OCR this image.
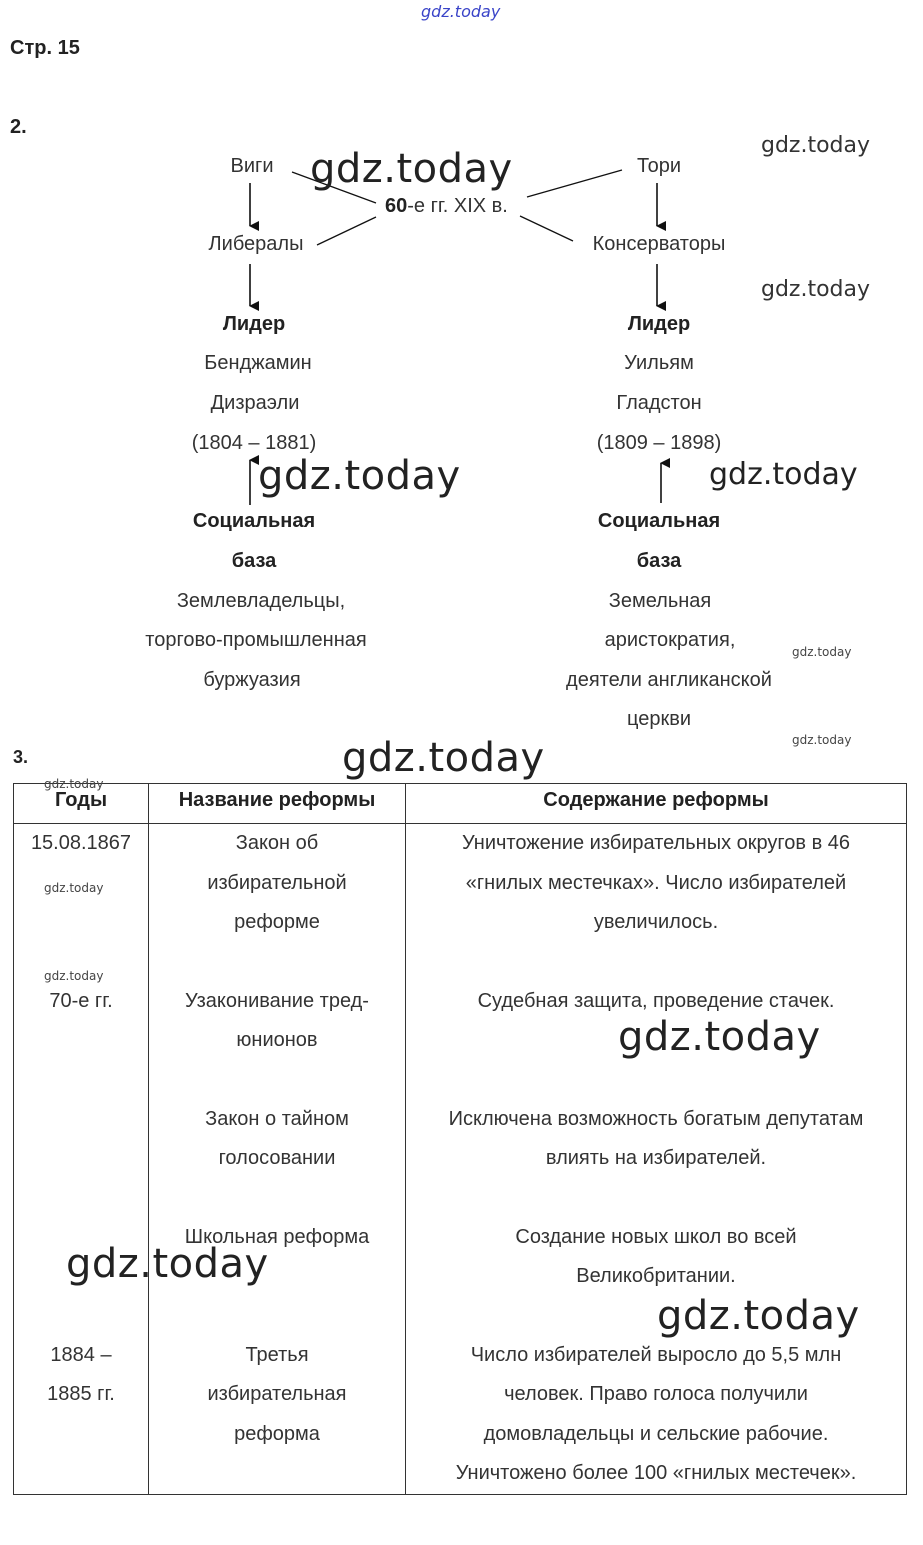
gdz.today
Стр. 15
2.
Виги
Либералы
Лидер
Бенджамин
Дизраэли
(1804 – 1881)
Социальная
база
Землевладельцы,
торгово-промышленная
буржуазия
60-е гг. XIX в.
Тори
Консерваторы
Лидер
Уильям
Гладстон
(1809 – 1898)
Социальная
база
Земельная
аристократия,
деятели англиканской
церкви
3.
Годы	Название реформы	Содержание реформы

15.08.1867	Закон об
избирательной
реформе	Уничтожение избирательных округов в 46
«гнилых местечках». Число избирателей
увеличилось.

70-е гг.	Узаконивание тред-
юнионов	Судебная защита, проведение стачек.

	Закон о тайном
голосовании	Исключена возможность богатым депутатам
влиять на избирателей.

	Школьная реформа	Создание новых школ во всей
Великобритании.

1884 –
1885 гг.	Третья
избирательная
реформа	Число избирателей выросло до 5,5 млн
человек. Право голоса получили
домовладельцы и сельские рабочие.
Уничтожено более 100 «гнилых местечек».
gdz.today
gdz.today
gdz.today
gdz.today	gdz.today
gdz.today
gdz.today	gdz.today
gdz.today
gdz.today
gdz.today
gdz.today
gdz.today
gdz.today
